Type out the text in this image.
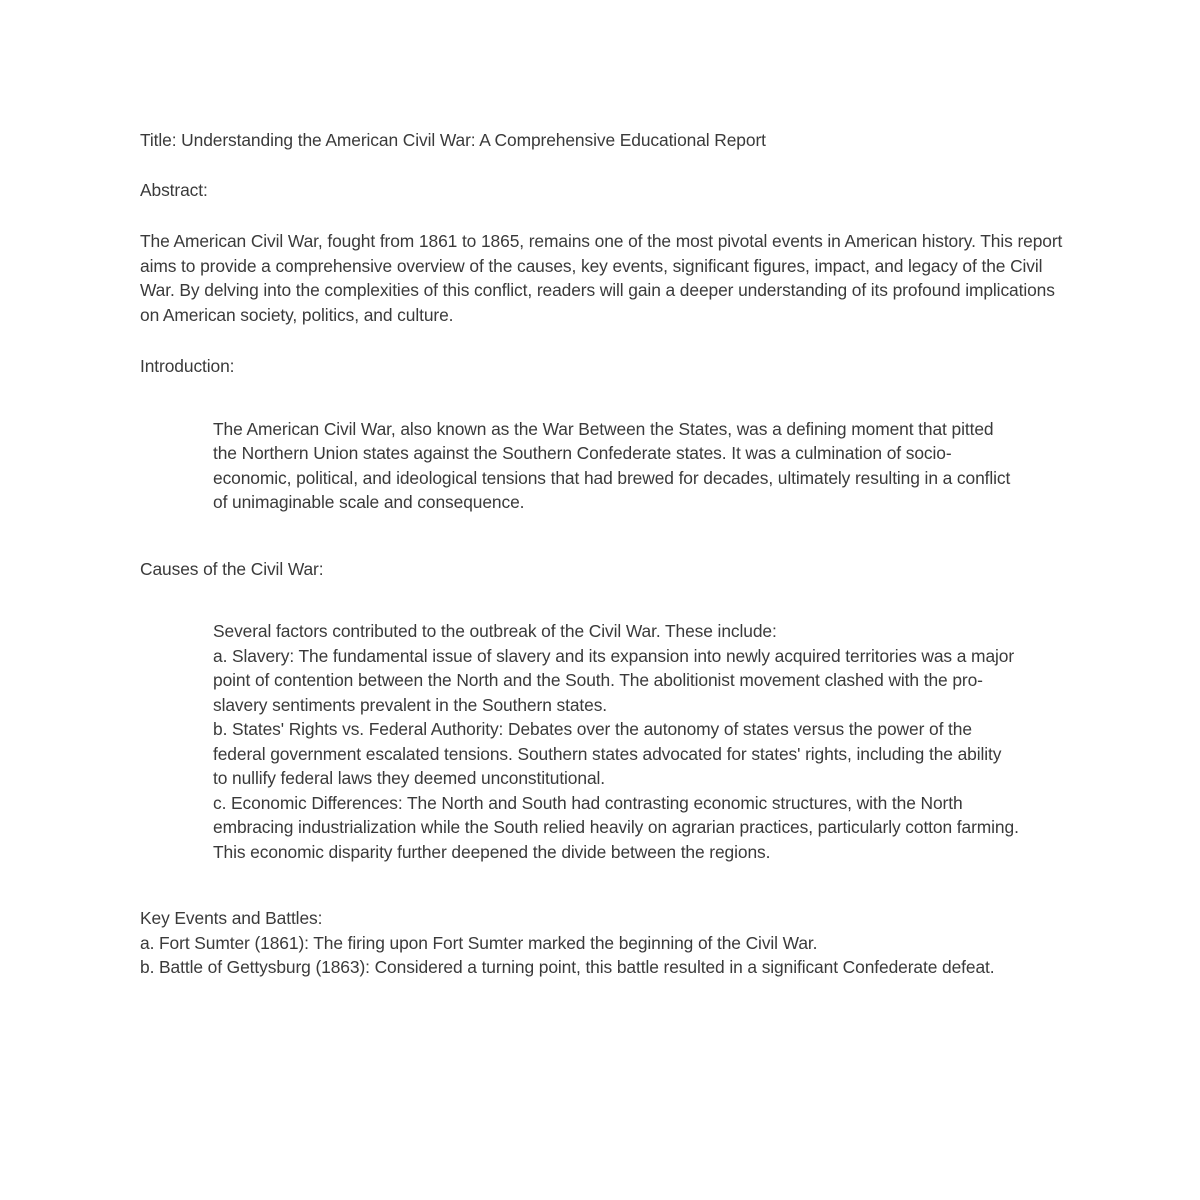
Title: Understanding the American Civil War: A Comprehensive Educational Report

Abstract:

The American Civil War, fought from 1861 to 1865, remains one of the most pivotal events in American history. This report aims to provide a comprehensive overview of the causes, key events, significant figures, impact, and legacy of the Civil War. By delving into the complexities of this conflict, readers will gain a deeper understanding of its profound implications on American society, politics, and culture.

Introduction:

The American Civil War, also known as the War Between the States, was a defining moment that pitted the Northern Union states against the Southern Confederate states. It was a culmination of socio-economic, political, and ideological tensions that had brewed for decades, ultimately resulting in a conflict of unimaginable scale and consequence.

Causes of the Civil War:

Several factors contributed to the outbreak of the Civil War. These include:

a. Slavery: The fundamental issue of slavery and its expansion into newly acquired territories was a major point of contention between the North and the South. The abolitionist movement clashed with the pro-slavery sentiments prevalent in the Southern states.

b. States' Rights vs. Federal Authority: Debates over the autonomy of states versus the power of the federal government escalated tensions. Southern states advocated for states' rights, including the ability to nullify federal laws they deemed unconstitutional.

c. Economic Differences: The North and South had contrasting economic structures, with the North embracing industrialization while the South relied heavily on agrarian practices, particularly cotton farming. This economic disparity further deepened the divide between the regions.

Key Events and Battles:

a. Fort Sumter (1861): The firing upon Fort Sumter marked the beginning of the Civil War.

b. Battle of Gettysburg (1863): Considered a turning point, this battle resulted in a significant Confederate defeat.
